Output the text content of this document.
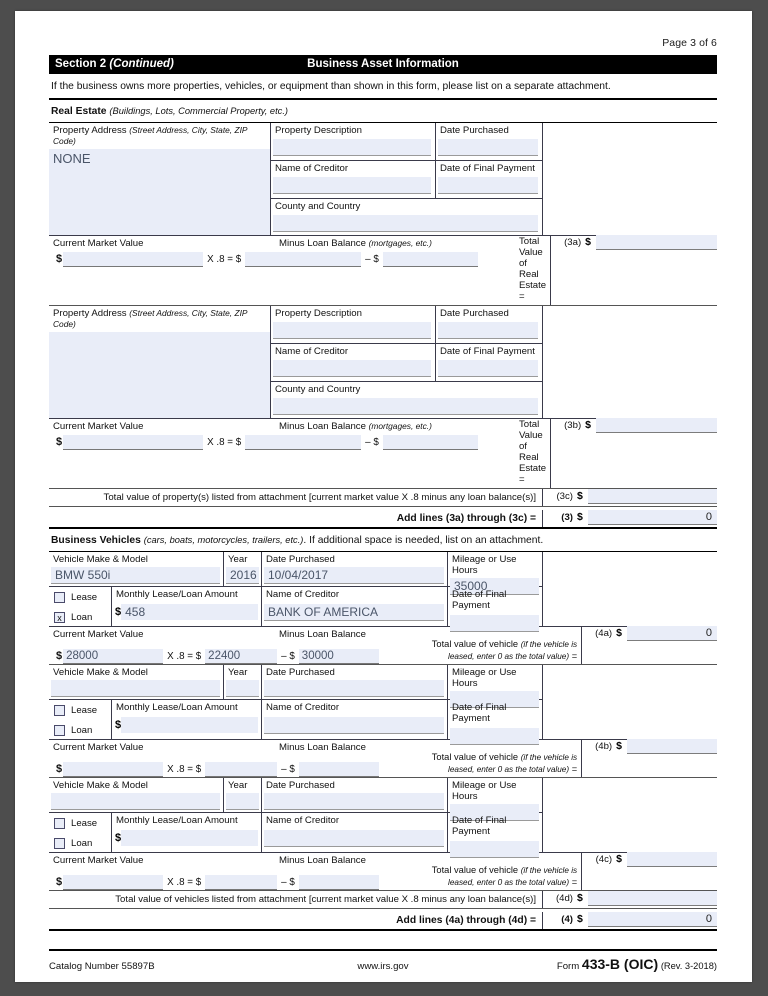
Page 3 of 6
Section 2 (Continued)	Business Asset Information
If the business owns more properties, vehicles, or equipment than shown in this form, please list on a separate attachment.
Real Estate (Buildings, Lots, Commercial Property, etc.)
Property Address (Street Address, City, State, ZIP Code)
NONE
Property Description	Date Purchased
Name of Creditor	Date of Final Payment
County and Country
Current Market Value	Minus Loan Balance (mortgages, etc.)
$	X .8 = $	– $
Total Value of Real Estate =
(3a) $
Property Address (Street Address, City, State, ZIP Code)
Property Description	Date Purchased
Name of Creditor	Date of Final Payment
County and Country
Current Market Value	Minus Loan Balance (mortgages, etc.)
$	X .8 = $	– $
Total Value of Real Estate =
(3b) $
Total value of property(s) listed from attachment [current market value X .8 minus any loan balance(s)]	(3c) $
Add lines (3a) through (3c) =	(3) $	0
Business Vehicles (cars, boats, motorcycles, trailers, etc.). If additional space is needed, list on an attachment.
Vehicle Make & Model
BMW 550i
Year
2016
Date Purchased
10/04/2017
Mileage or Use Hours
35000
Lease
x Loan
Monthly Lease/Loan Amount
$ 458
Name of Creditor
BANK OF AMERICA
Date of Final Payment
Current Market Value	Minus Loan Balance
$ 28000	X .8 = $ 22400	– $ 30000
Total value of vehicle (if the vehicle is leased, enter 0 as the total value) =
(4a) $	0
Vehicle Make & Model	Year	Date Purchased	Mileage or Use Hours
Lease
Loan
Monthly Lease/Loan Amount
$
Name of Creditor	Date of Final Payment
Current Market Value	Minus Loan Balance
$	X .8 = $	– $
Total value of vehicle (if the vehicle is leased, enter 0 as the total value) =
(4b) $
Vehicle Make & Model	Year	Date Purchased	Mileage or Use Hours
Lease
Loan
Monthly Lease/Loan Amount
$
Name of Creditor	Date of Final Payment
Current Market Value	Minus Loan Balance
$	X .8 = $	– $
Total value of vehicle (if the vehicle is leased, enter 0 as the total value) =
(4c) $
Total value of vehicles listed from attachment [current market value X .8 minus any loan balance(s)]	(4d) $
Add lines (4a) through (4d) =	(4) $	0
Catalog Number 55897B	www.irs.gov	Form 433-B (OIC) (Rev. 3-2018)
